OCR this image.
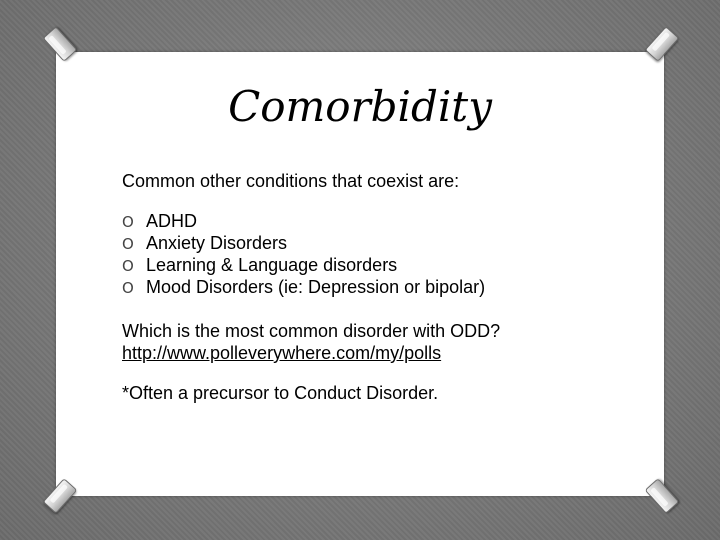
Comorbidity

Common other conditions that coexist are:

O ADHD
O Anxiety Disorders
O Learning & Language disorders
O Mood Disorders (ie: Depression or bipolar)

Which is the most common disorder with ODD?

http://www.polleverywhere.com/my/polls

*Often a precursor to Conduct Disorder.
